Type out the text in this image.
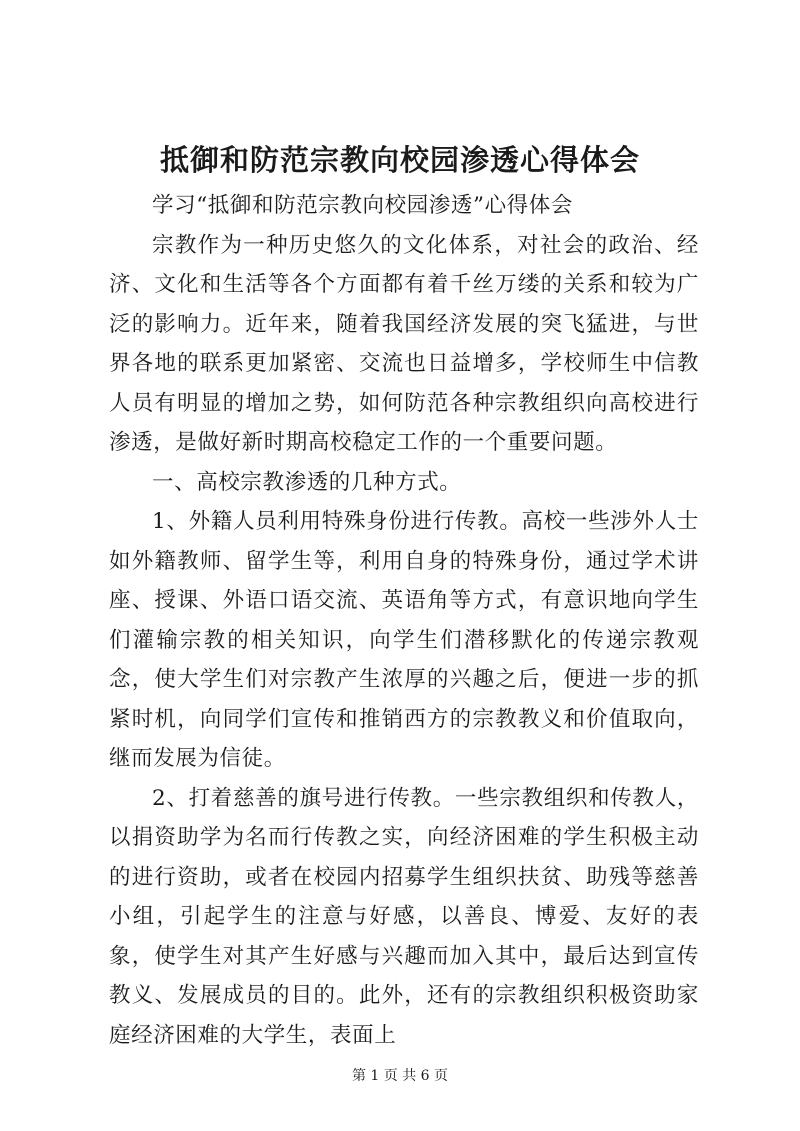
抵御和防范宗教向校园渗透心得体会

学习“抵御和防范宗教向校园渗透”心得体会

宗教作为一种历史悠久的文化体系，对社会的政治、经济、文化和生活等各个方面都有着千丝万缕的关系和较为广泛的影响力。近年来，随着我国经济发展的突飞猛进，与世界各地的联系更加紧密、交流也日益增多，学校师生中信教人员有明显的增加之势，如何防范各种宗教组织向高校进行渗透，是做好新时期高校稳定工作的一个重要问题。

一、高校宗教渗透的几种方式。

1、外籍人员利用特殊身份进行传教。高校一些涉外人士如外籍教师、留学生等，利用自身的特殊身份，通过学术讲座、授课、外语口语交流、英语角等方式，有意识地向学生们灌输宗教的相关知识，向学生们潜移默化的传递宗教观念，使大学生们对宗教产生浓厚的兴趣之后，便进一步的抓紧时机，向同学们宣传和推销西方的宗教教义和价值取向，继而发展为信徒。

2、打着慈善的旗号进行传教。一些宗教组织和传教人，以捐资助学为名而行传教之实，向经济困难的学生积极主动的进行资助，或者在校园内招募学生组织扶贫、助残等慈善小组，引起学生的注意与好感，以善良、博爱、友好的表象，使学生对其产生好感与兴趣而加入其中，最后达到宣传教义、发展成员的目的。此外，还有的宗教组织积极资助家庭经济困难的大学生，表面上

第 1 页 共 6 页
